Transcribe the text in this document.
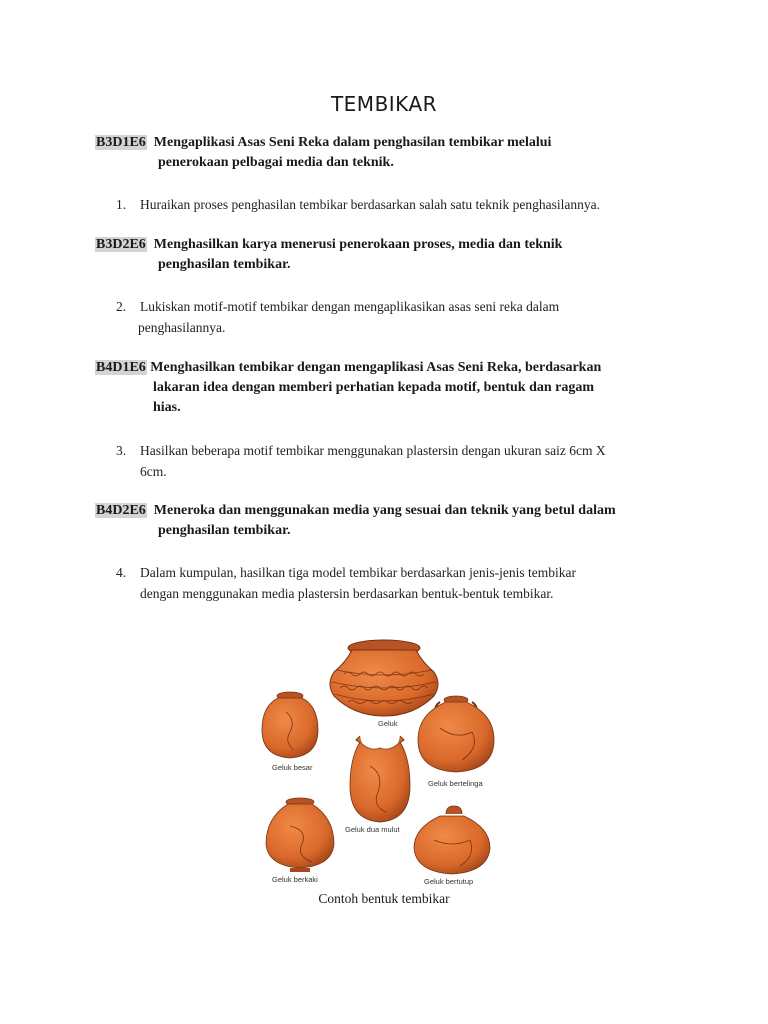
TEMBIKAR
B3D1E6 Mengaplikasi Asas Seni Reka dalam penghasilan tembikar melalui
penerokaan pelbagai media dan teknik.
1. Huraikan proses penghasilan tembikar berdasarkan salah satu teknik penghasilannya.
B3D2E6 Menghasilkan karya menerusi penerokaan proses, media dan teknik
penghasilan tembikar.
2. Lukiskan motif-motif tembikar dengan mengaplikasikan asas seni reka dalam
penghasilannya.
B4D1E6 Menghasilkan tembikar dengan mengaplikasi Asas Seni Reka, berdasarkan
lakaran idea dengan memberi perhatian kepada motif, bentuk dan ragam
hias.
3. Hasilkan beberapa motif tembikar menggunakan plastersin dengan ukuran saiz 6cm X
6cm.
B4D2E6 Meneroka dan menggunakan media yang sesuai dan teknik yang betul dalam
penghasilan tembikar.
4. Dalam kumpulan, hasilkan tiga model tembikar berdasarkan jenis-jenis tembikar
dengan menggunakan media plastersin berdasarkan bentuk-bentuk tembikar.
Geluk
Geluk besar
Geluk bertelinga
Geluk dua mulut
Geluk berkaki	Geluk bertutup
Contoh bentuk tembikar
